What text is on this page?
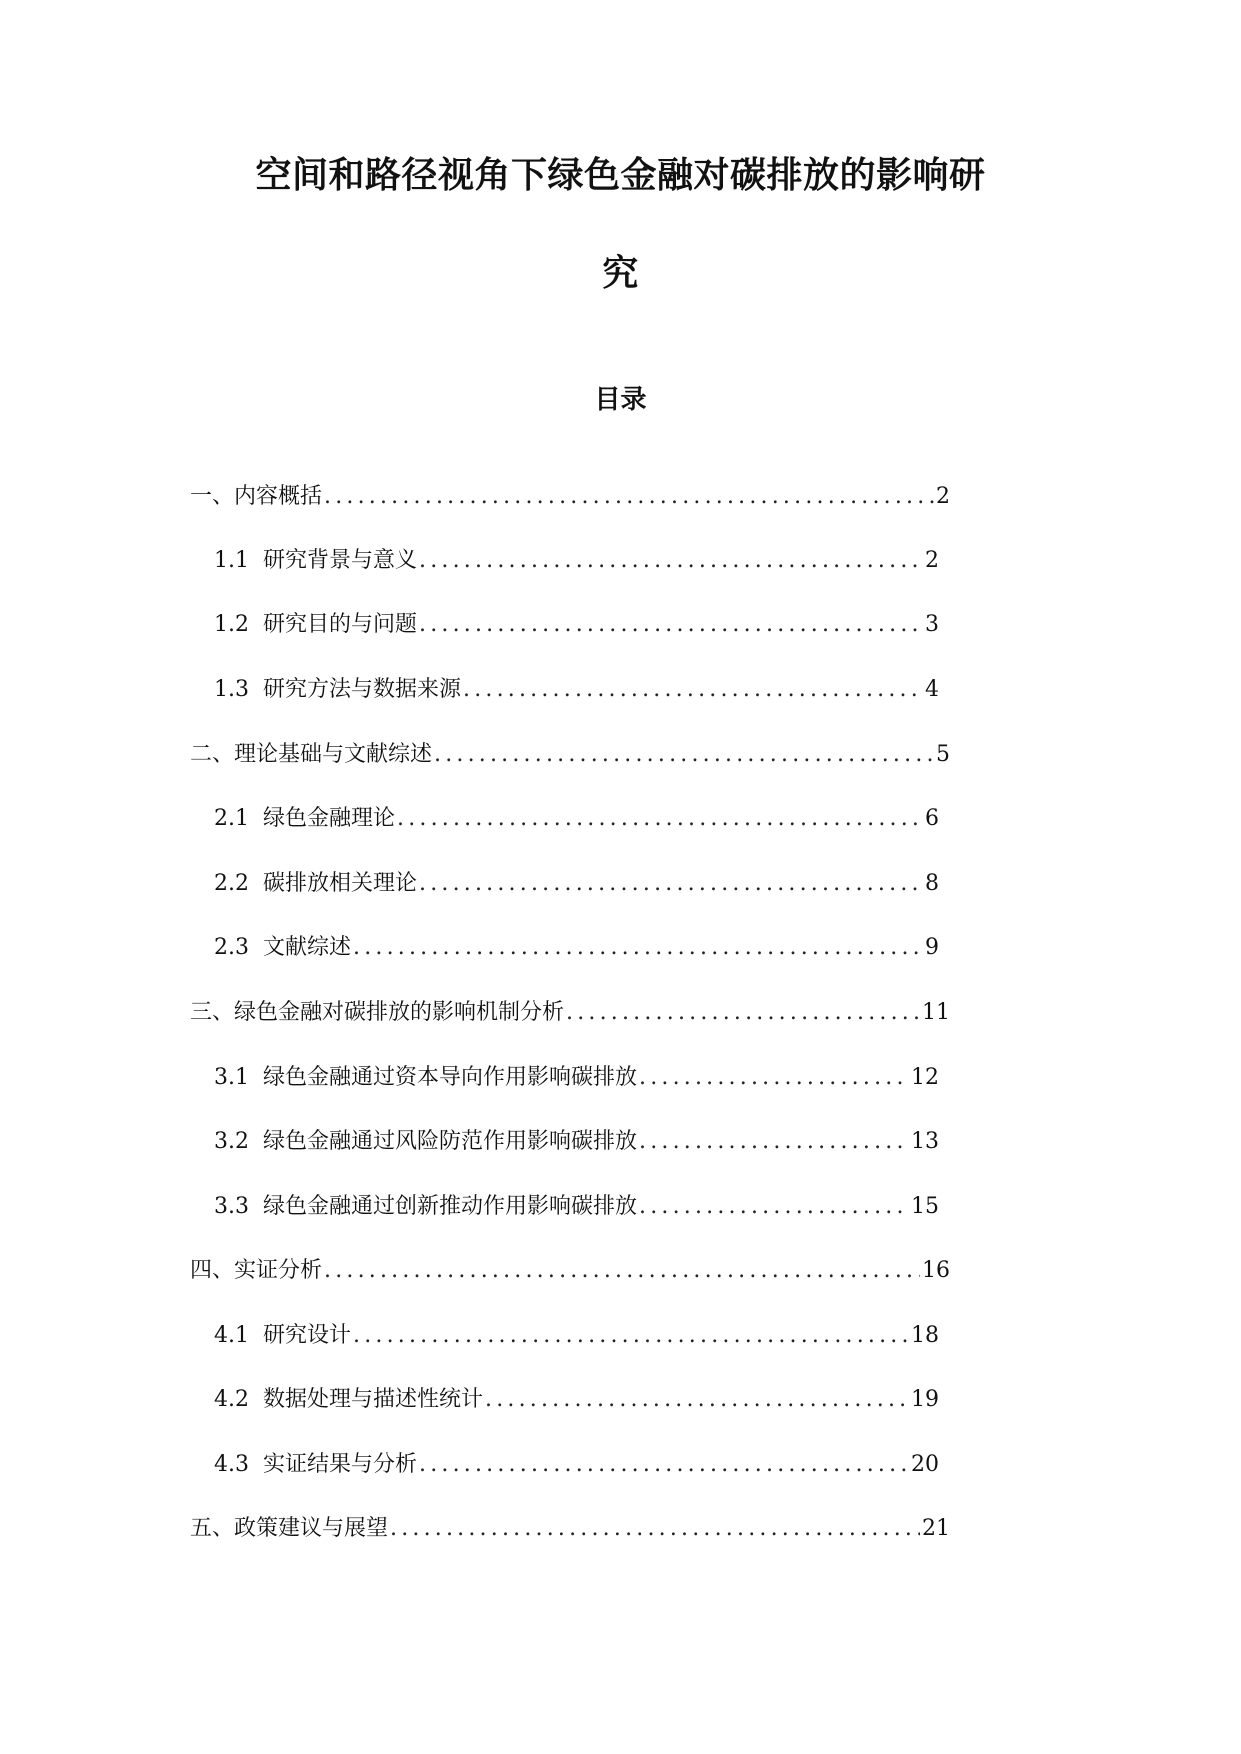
空间和路径视角下绿色金融对碳排放的影响研
究
目录
一、内容概括 .....	2
1.1 研究背景与意义 .....	2
1.2 研究目的与问题 .....	3
1.3 研究方法与数据来源 .....	4
二、理论基础与文献综述 .....	5
2.1 绿色金融理论 .....	6
2.2 碳排放相关理论 .....	8
2.3 文献综述 .....	9
三、绿色金融对碳排放的影响机制分析 .....	11
3.1 绿色金融通过资本导向作用影响碳排放 .....	12
3.2 绿色金融通过风险防范作用影响碳排放 .....	13
3.3 绿色金融通过创新推动作用影响碳排放 .....	15
四、实证分析 .....	16
4.1 研究设计 .....	18
4.2 数据处理与描述性统计 .....	19
4.3 实证结果与分析 .....	20
五、政策建议与展望 .....	21
